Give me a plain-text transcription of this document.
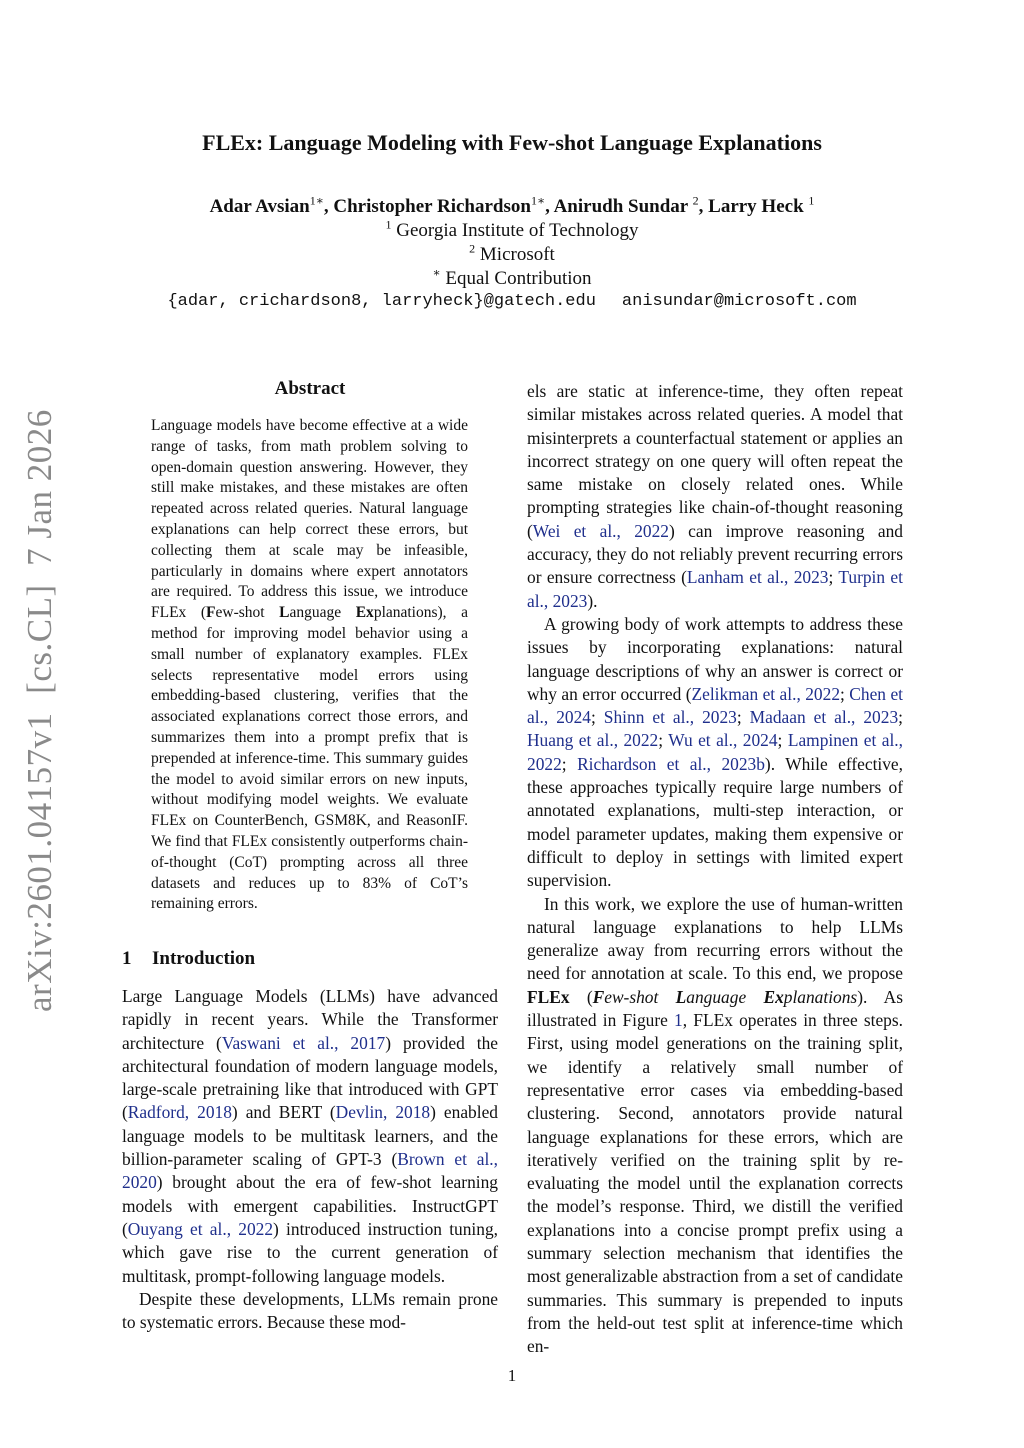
arXiv:2601.04157v1  [cs.CL]  7 Jan 2026
FLEx: Language Modeling with Few-shot Language Explanations
Adar Avsian$^{1∗}$, Christopher Richardson$^{1∗}$, Anirudh Sundar $^2$, Larry Heck $^1$
$^1$ Georgia Institute of Technology
$^2$ Microsoft
∗ Equal Contribution
{adar, crichardson8, larryheck}@gatech.edu anisundar@microsoft.com
Abstract

Language models have become effective at a wide range of tasks, from math problem solving to open-domain question answering. However, they still make mistakes, and these mistakes are often repeated across related queries. Natural language explanations can help correct these errors, but collecting them at scale may be infeasible, particularly in domains where expert annotators are required. To address this issue, we introduce FLEx (Few-shot Language Explanations), a method for improving model behavior using a small number of explanatory examples. FLEx selects representative model errors using embedding-based clustering, verifies that the associated explanations correct those errors, and summarizes them into a prompt prefix that is prepended at inference-time. This summary guides the model to avoid similar errors on new inputs, without modifying model weights. We evaluate FLEx on CounterBench, GSM8K, and ReasonIF. We find that FLEx consistently outperforms chain-of-thought (CoT) prompting across all three datasets and reduces up to 83% of CoT’s remaining errors.

1 Introduction

Large Language Models (LLMs) have advanced rapidly in recent years. While the Transformer architecture (Vaswani et al., 2017) provided the architectural foundation of modern language models, large-scale pretraining like that introduced with GPT (Radford, 2018) and BERT (Devlin, 2018) enabled language models to be multitask learners, and the billion-parameter scaling of GPT-3 (Brown et al., 2020) brought about the era of few-shot learning models with emergent capabilities. InstructGPT (Ouyang et al., 2022) introduced instruction tuning, which gave rise to the current generation of multitask, prompt-following language models.

Despite these developments, LLMs remain prone to systematic errors. Because these mod-

els are static at inference-time, they often repeat similar mistakes across related queries. A model that misinterprets a counterfactual statement or applies an incorrect strategy on one query will often repeat the same mistake on closely related ones. While prompting strategies like chain-of-thought reasoning (Wei et al., 2022) can improve reasoning and accuracy, they do not reliably prevent recurring errors or ensure correctness (Lanham et al., 2023; Turpin et al., 2023).

A growing body of work attempts to address these issues by incorporating explanations: natural language descriptions of why an answer is correct or why an error occurred (Zelikman et al., 2022; Chen et al., 2024; Shinn et al., 2023; Madaan et al., 2023; Huang et al., 2022; Wu et al., 2024; Lampinen et al., 2022; Richardson et al., 2023b). While effective, these approaches typically require large numbers of annotated explanations, multi-step interaction, or model parameter updates, making them expensive or difficult to deploy in settings with limited expert supervision.

In this work, we explore the use of human-written natural language explanations to help LLMs generalize away from recurring errors without the need for annotation at scale. To this end, we propose FLEx (Few-shot Language Explanations). As illustrated in Figure 1, FLEx operates in three steps. First, using model generations on the training split, we identify a relatively small number of representative error cases via embedding-based clustering. Second, annotators provide natural language explanations for these errors, which are iteratively verified on the training split by re-evaluating the model until the explanation corrects the model’s response. Third, we distill the verified explanations into a concise prompt prefix using a summary selection mechanism that identifies the most generalizable abstraction from a set of candidate summaries. This summary is prepended to inputs from the held-out test split at inference-time which en-

1
